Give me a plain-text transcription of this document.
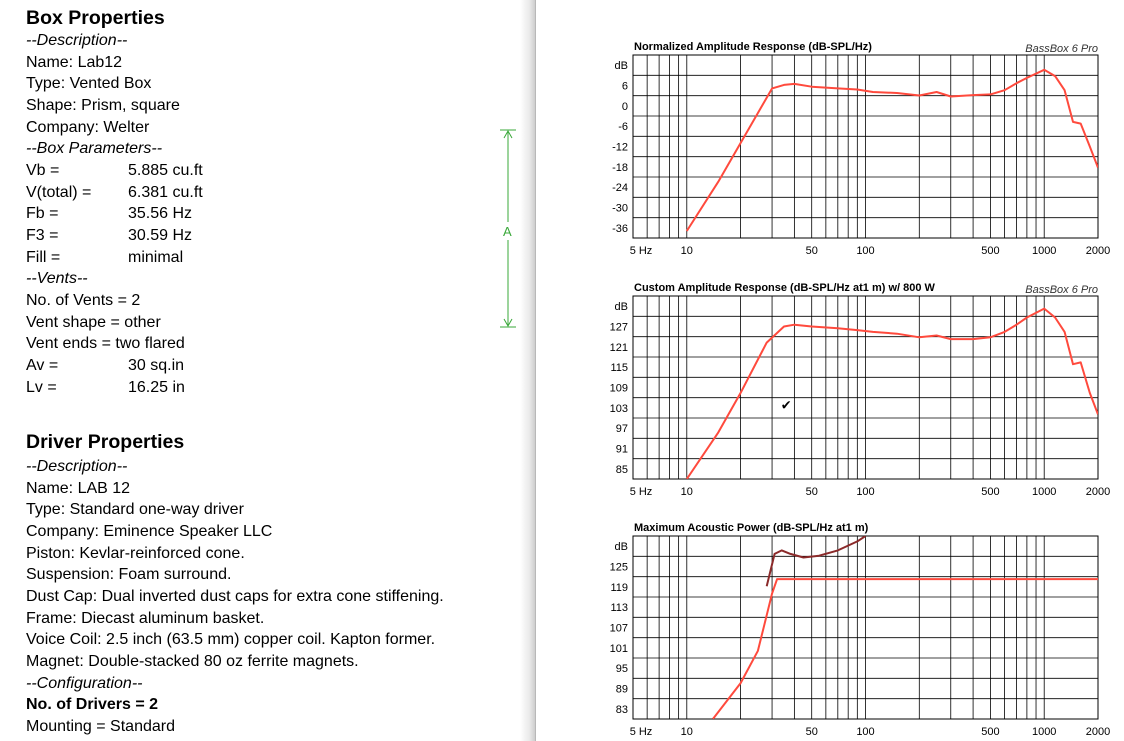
Box Properties
--Description--
Name: Lab12
Type: Vented Box
Shape: Prism, square
Company: Welter
--Box Parameters--
Vb =	5.885 cu.ft
V(total) = 6.381 cu.ft
Fb =	35.56 Hz
F3 =	30.59 Hz
Fill =	minimal
--Vents--
No. of Vents = 2
Vent shape = other
Vent ends = two flared
Av =	30 sq.in
Lv =	16.25 in
Driver Properties
--Description--
Name: LAB 12
Type: Standard one-way driver
Company: Eminence Speaker LLC
Piston: Kevlar-reinforced cone.
Suspension: Foam surround.
Dust Cap: Dual inverted dust caps for extra cone stiffening.
Frame: Diecast aluminum basket.
Voice Coil: 2.5 inch (63.5 mm) copper coil. Kapton former.
Magnet: Double-stacked 80 oz ferrite magnets.
--Configuration--
No. of Drivers = 2
Mounting = Standard
A
Normalized Amplitude Response (dB-SPL/Hz)	BassBox 6 Pro
dB
6
0
-6
-12
-18
-24
-30
-36
5 Hz	10	50	100	500	1000	2000
Custom Amplitude Response (dB-SPL/Hz at1 m) w/ 800 W	BassBox 6 Pro
dB
127
121
115
109
103
97
91
85
5 Hz	10	50	100	500	1000	2000
✔
Maximum Acoustic Power (dB-SPL/Hz at1 m)
dB
125
119
113
107
101
95
89
83
5 Hz	10	50	100	500	1000	2000
